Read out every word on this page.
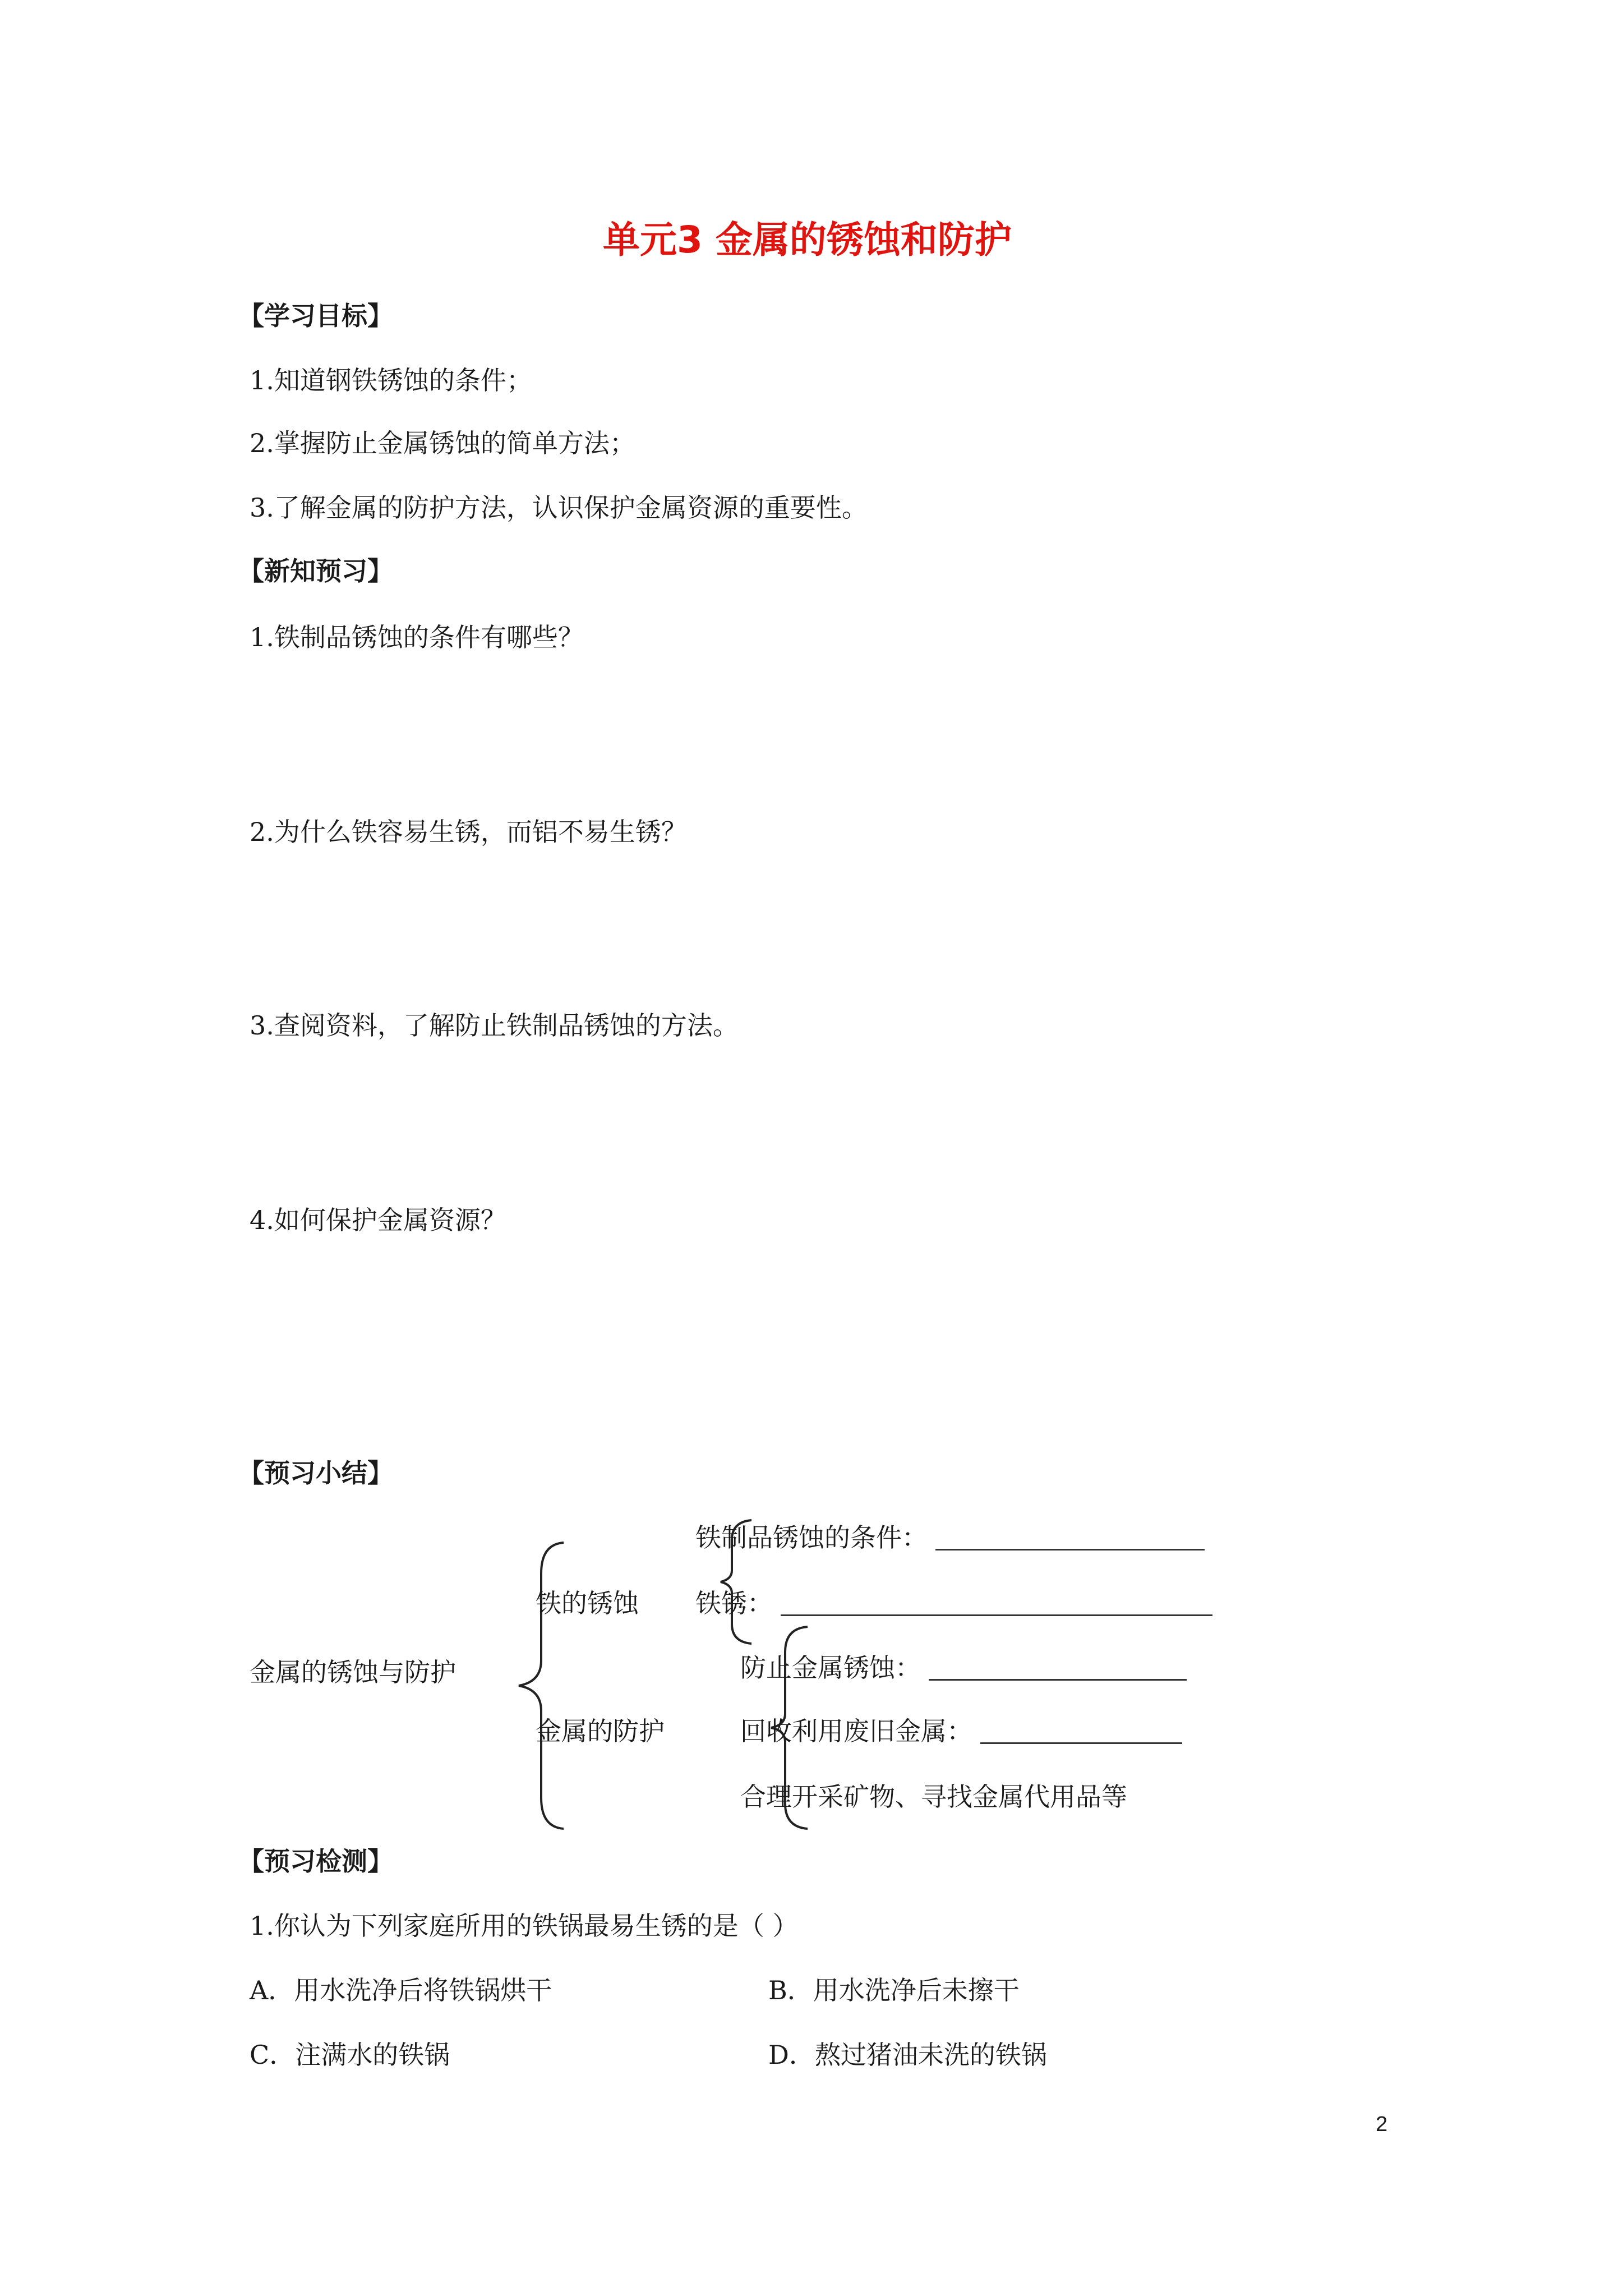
单元3 金属的锈蚀和防护
【学习目标】
1.知道钢铁锈蚀的条件；
2.掌握防止金属锈蚀的简单方法；
3.了解金属的防护方法，认识保护金属资源的重要性。
【新知预习】
1.铁制品锈蚀的条件有哪些？
2.为什么铁容易生锈，而铝不易生锈？
3.查阅资料，了解防止铁制品锈蚀的方法。
4.如何保护金属资源？
【预习小结】
金属的锈蚀与防护
铁的锈蚀
金属的防护
铁制品锈蚀的条件：
铁锈：
防止金属锈蚀：
回收利用废旧金属：
合理开采矿物、寻找金属代用品等
【预习检测】
1.你认为下列家庭所用的铁锅最易生锈的是（ ）
A．用水洗净后将铁锅烘干	B．用水洗净后未擦干
C．注满水的铁锅	D．熬过猪油未洗的铁锅
2
